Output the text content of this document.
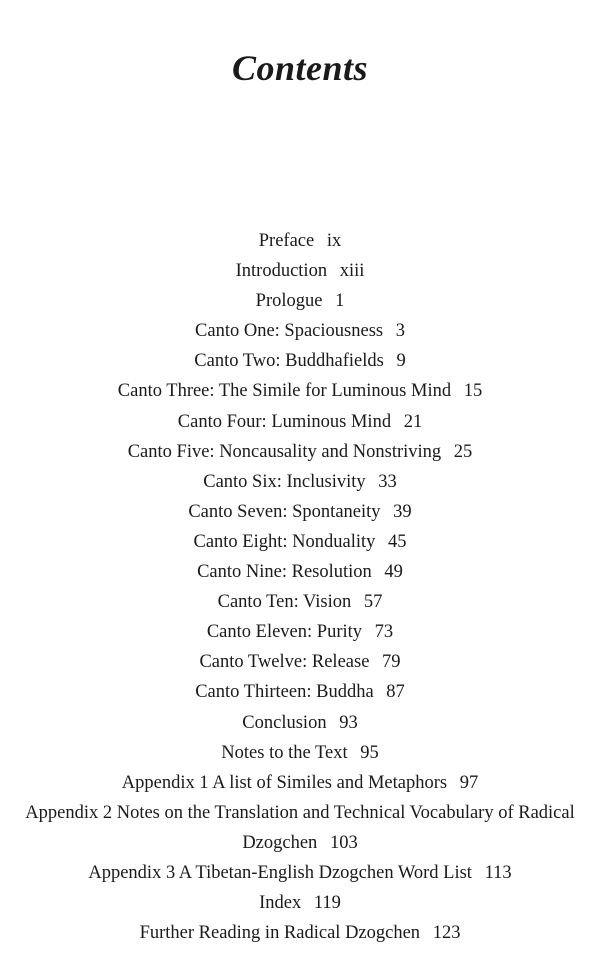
Contents
Preface ix
Introduction xiii
Prologue 1
Canto One: Spaciousness 3
Canto Two: Buddhafields 9
Canto Three: The Simile for Luminous Mind 15
Canto Four: Luminous Mind 21
Canto Five: Noncausality and Nonstriving 25
Canto Six: Inclusivity 33
Canto Seven: Spontaneity 39
Canto Eight: Nonduality 45
Canto Nine: Resolution 49
Canto Ten: Vision 57
Canto Eleven: Purity 73
Canto Twelve: Release 79
Canto Thirteen: Buddha 87
Conclusion 93
Notes to the Text 95
Appendix 1 A list of Similes and Metaphors 97
Appendix 2 Notes on the Translation and Technical Vocabulary of Radical Dzogchen 103
Appendix 3 A Tibetan-English Dzogchen Word List 113
Index 119
Further Reading in Radical Dzogchen 123
